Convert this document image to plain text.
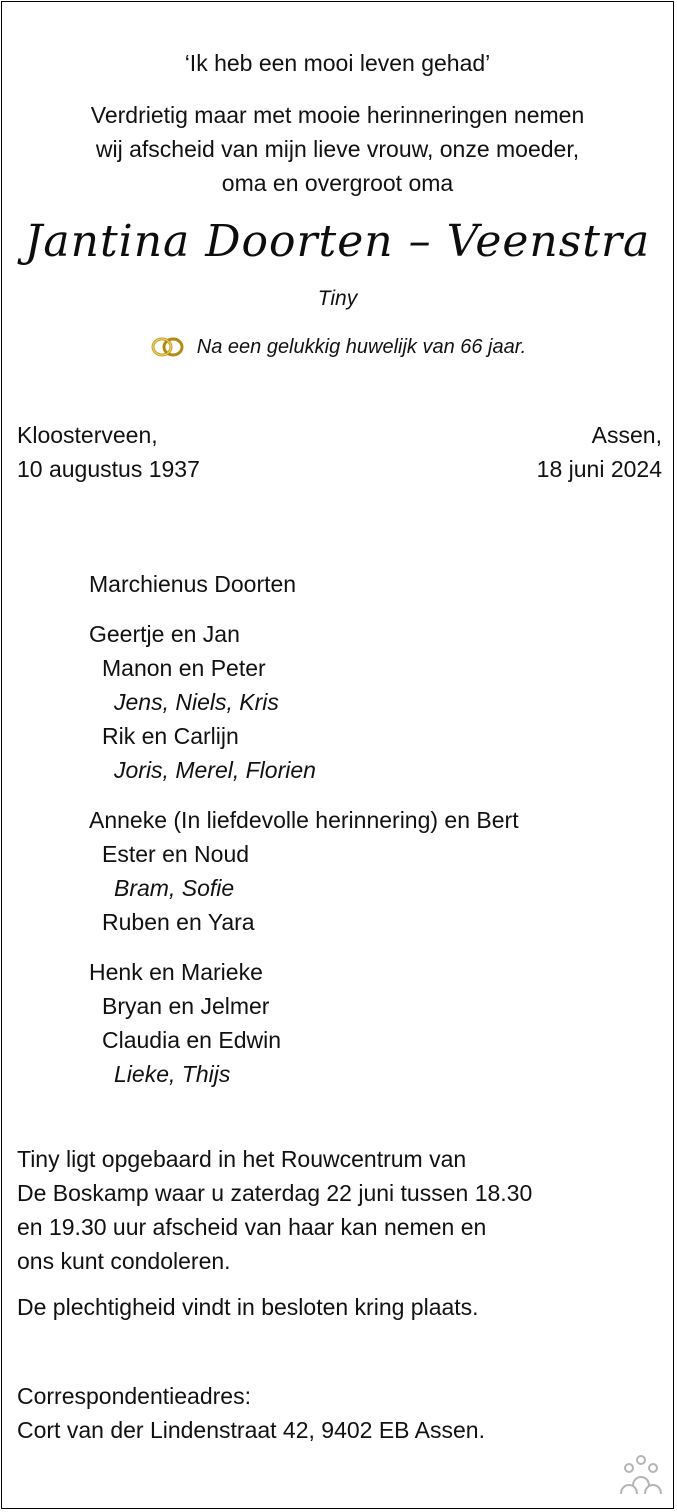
‘Ik heb een mooi leven gehad’
Verdrietig maar met mooie herinneringen nemen
wij afscheid van mijn lieve vrouw, onze moeder,
oma en overgroot oma
Jantina Doorten – Veenstra
Tiny
Na een gelukkig huwelijk van 66 jaar.
Kloosterveen,
10 augustus 1937
Assen,
18 juni 2024
Marchienus Doorten
Geertje en Jan
Manon en Peter
Jens, Niels, Kris
Rik en Carlijn
Joris, Merel, Florien
Anneke (In liefdevolle herinnering) en Bert
Ester en Noud
Bram, Sofie
Ruben en Yara
Henk en Marieke
Bryan en Jelmer
Claudia en Edwin
Lieke, Thijs
Tiny ligt opgebaard in het Rouwcentrum van
De Boskamp waar u zaterdag 22 juni tussen 18.30
en 19.30 uur afscheid van haar kan nemen en
ons kunt condoleren.
De plechtigheid vindt in besloten kring plaats.
Correspondentieadres:
Cort van der Lindenstraat 42, 9402 EB Assen.
